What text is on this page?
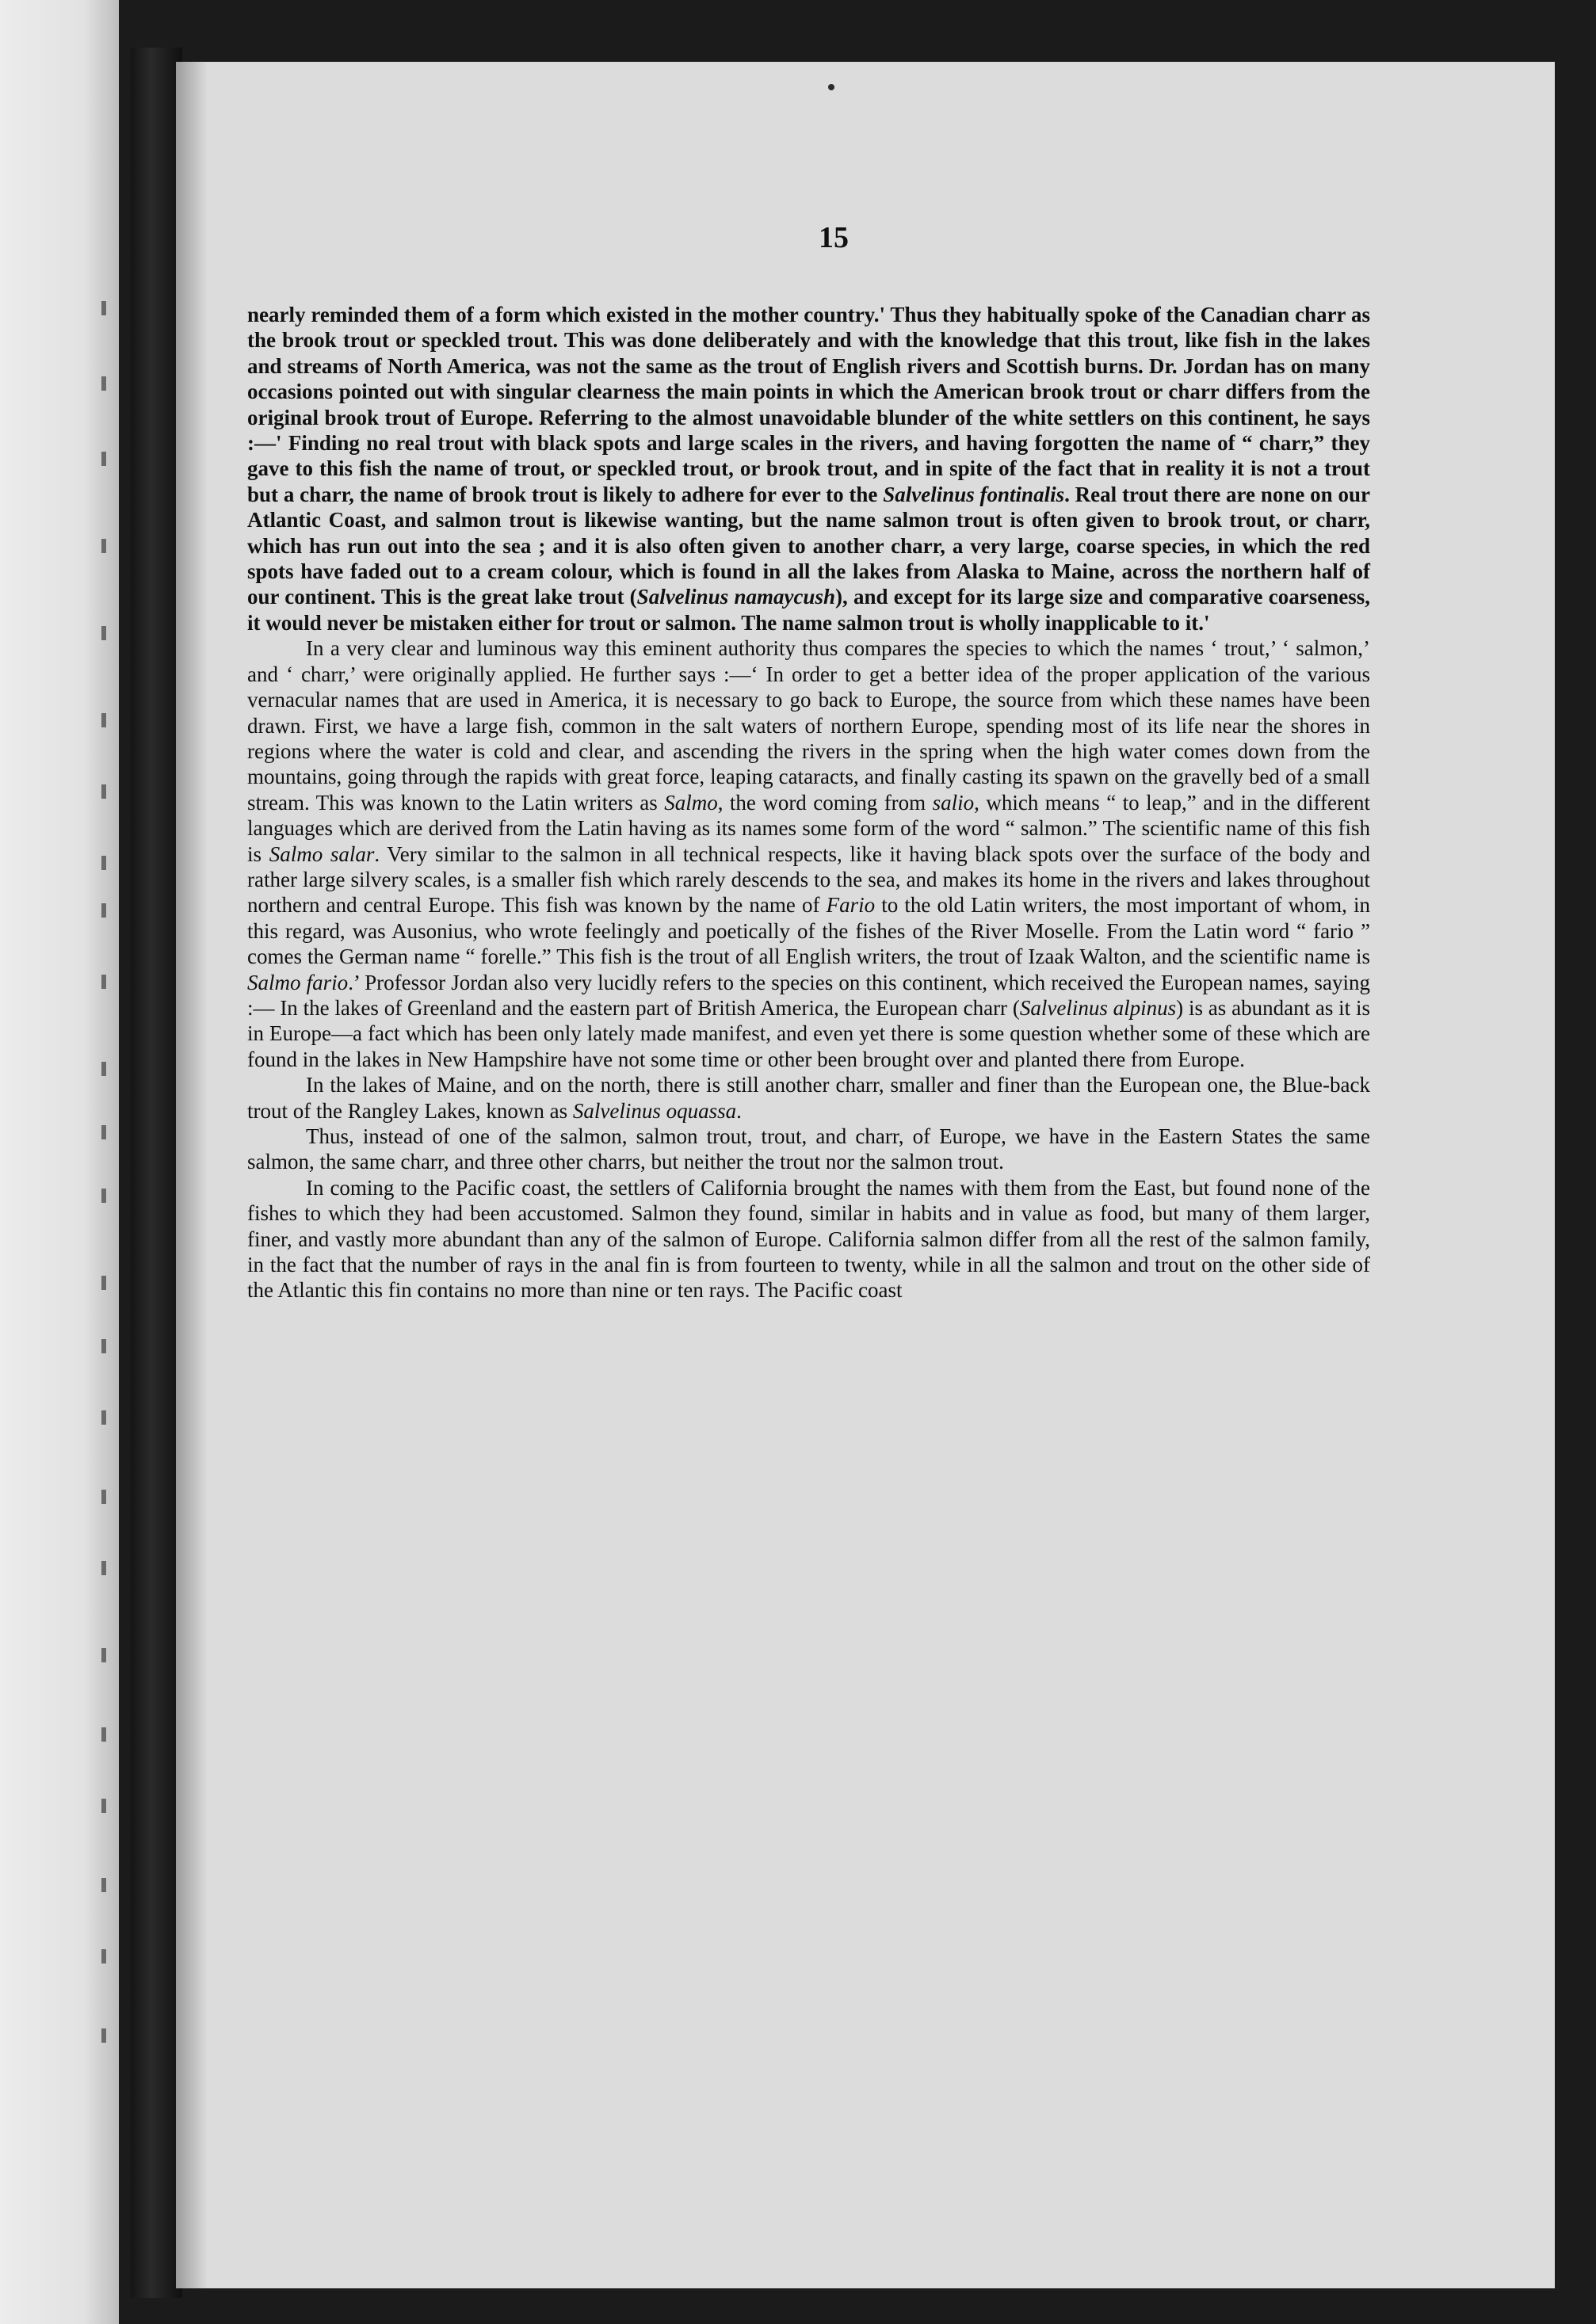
15

nearly reminded them of a form which existed in the mother country.' Thus they habitually spoke of the Canadian charr as the brook trout or speckled trout. This was done deliberately and with the knowledge that this trout, like fish in the lakes and streams of North America, was not the same as the trout of English rivers and Scottish burns. Dr. Jordan has on many occasions pointed out with singular clearness the main points in which the American brook trout or charr differs from the original brook trout of Europe. Referring to the almost unavoidable blunder of the white settlers on this continent, he says :—' Finding no real trout with black spots and large scales in the rivers, and having forgotten the name of “ charr,” they gave to this fish the name of trout, or speckled trout, or brook trout, and in spite of the fact that in reality it is not a trout but a charr, the name of brook trout is likely to adhere for ever to the Salvelinus fontinalis. Real trout there are none on our Atlantic Coast, and salmon trout is likewise wanting, but the name salmon trout is often given to brook trout, or charr, which has run out into the sea ; and it is also often given to another charr, a very large, coarse species, in which the red spots have faded out to a cream colour, which is found in all the lakes from Alaska to Maine, across the northern half of our continent. This is the great lake trout (Salvelinus namaycush), and except for its large size and comparative coarseness, it would never be mistaken either for trout or salmon. The name salmon trout is wholly inapplicable to it.'

In a very clear and luminous way this eminent authority thus compares the species to which the names ‘ trout,’ ‘ salmon,’ and ‘ charr,’ were originally applied. He further says :—‘ In order to get a better idea of the proper application of the various vernacular names that are used in America, it is necessary to go back to Europe, the source from which these names have been drawn. First, we have a large fish, common in the salt waters of northern Europe, spending most of its life near the shores in regions where the water is cold and clear, and ascending the rivers in the spring when the high water comes down from the mountains, going through the rapids with great force, leaping cataracts, and finally casting its spawn on the gravelly bed of a small stream. This was known to the Latin writers as Salmo, the word coming from salio, which means “ to leap,” and in the different languages which are derived from the Latin having as its names some form of the word “ salmon.” The scientific name of this fish is Salmo salar. Very similar to the salmon in all technical respects, like it having black spots over the surface of the body and rather large silvery scales, is a smaller fish which rarely descends to the sea, and makes its home in the rivers and lakes throughout northern and central Europe. This fish was known by the name of Fario to the old Latin writers, the most important of whom, in this regard, was Ausonius, who wrote feelingly and poetically of the fishes of the River Moselle. From the Latin word “ fario ” comes the German name “ forelle.” This fish is the trout of all English writers, the trout of Izaak Walton, and the scientific name is Salmo fario.’ Professor Jordan also very lucidly refers to the species on this continent, which received the European names, saying :— In the lakes of Greenland and the eastern part of British America, the European charr (Salvelinus alpinus) is as abundant as it is in Europe—a fact which has been only lately made manifest, and even yet there is some question whether some of these which are found in the lakes in New Hampshire have not some time or other been brought over and planted there from Europe.

In the lakes of Maine, and on the north, there is still another charr, smaller and finer than the European one, the Blue-back trout of the Rangley Lakes, known as Salvelinus oquassa.

Thus, instead of one of the salmon, salmon trout, trout, and charr, of Europe, we have in the Eastern States the same salmon, the same charr, and three other charrs, but neither the trout nor the salmon trout.

In coming to the Pacific coast, the settlers of California brought the names with them from the East, but found none of the fishes to which they had been accustomed. Salmon they found, similar in habits and in value as food, but many of them larger, finer, and vastly more abundant than any of the salmon of Europe. California salmon differ from all the rest of the salmon family, in the fact that the number of rays in the anal fin is from fourteen to twenty, while in all the salmon and trout on the other side of the Atlantic this fin contains no more than nine or ten rays. The Pacific coast
